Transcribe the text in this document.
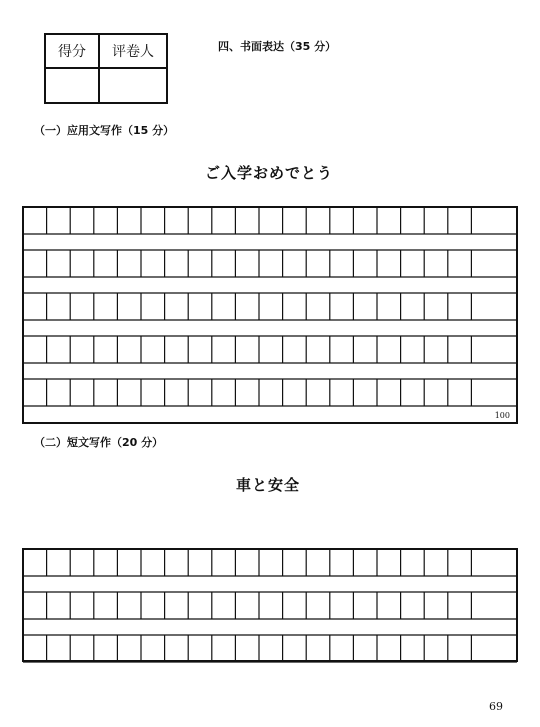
得分	评卷人
		四、书面表达（35 分）
（一）应用文写作（15 分）
ご入学おめでとう
100
（二）短文写作（20 分）
車と安全
69
